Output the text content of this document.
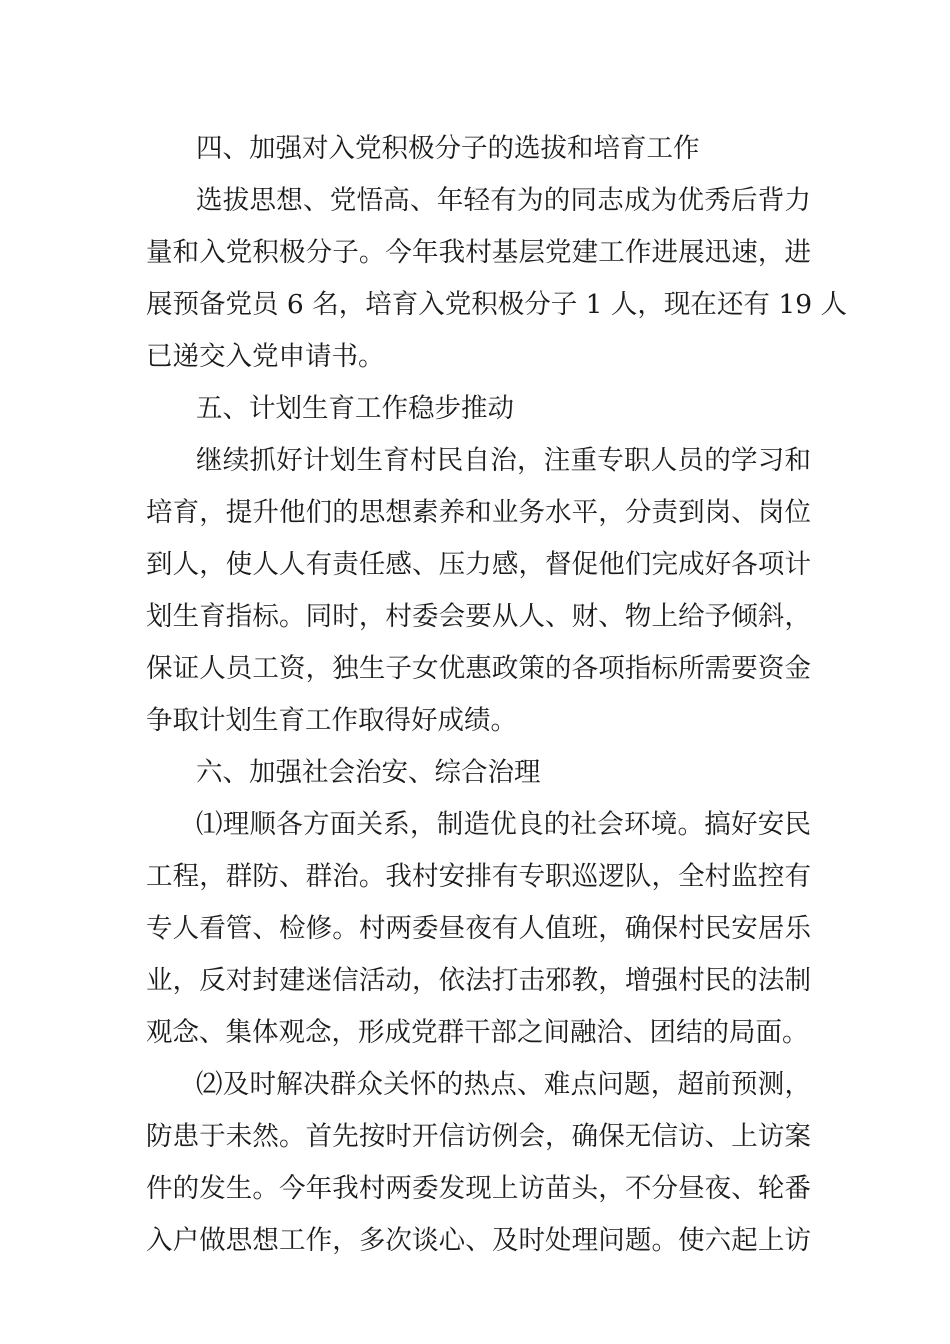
四、加强对入党积极分子的选拔和培育工作
选拔思想、党悟高、年轻有为的同志成为优秀后背力
量和入党积极分子。今年我村基层党建工作进展迅速，进
展预备党员 6 名，培育入党积极分子 1 人，现在还有 19 人
已递交入党申请书。
五、计划生育工作稳步推动
继续抓好计划生育村民自治，注重专职人员的学习和
培育，提升他们的思想素养和业务水平，分责到岗、岗位
到人，使人人有责任感、压力感，督促他们完成好各项计
划生育指标。同时，村委会要从人、财、物上给予倾斜，
保证人员工资，独生子女优惠政策的各项指标所需要资金
争取计划生育工作取得好成绩。
六、加强社会治安、综合治理
⑴理顺各方面关系，制造优良的社会环境。搞好安民
工程，群防、群治。我村安排有专职巡逻队，全村监控有
专人看管、检修。村两委昼夜有人值班，确保村民安居乐
业，反对封建迷信活动，依法打击邪教，增强村民的法制
观念、集体观念，形成党群干部之间融洽、团结的局面。
⑵及时解决群众关怀的热点、难点问题，超前预测，
防患于未然。首先按时开信访例会，确保无信访、上访案
件的发生。今年我村两委发现上访苗头，不分昼夜、轮番
入户做思想工作，多次谈心、及时处理问题。使六起上访
